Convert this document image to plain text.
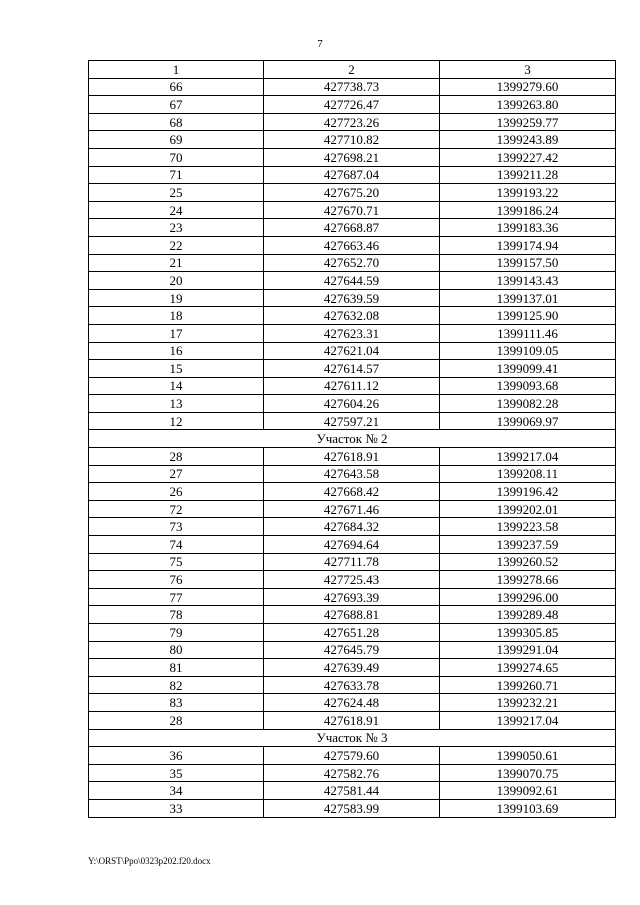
7
1	2	3
66	427738.73	1399279.60
67	427726.47	1399263.80
68	427723.26	1399259.77
69	427710.82	1399243.89
70	427698.21	1399227.42
71	427687.04	1399211.28
25	427675.20	1399193.22
24	427670.71	1399186.24
23	427668.87	1399183.36
22	427663.46	1399174.94
21	427652.70	1399157.50
20	427644.59	1399143.43
19	427639.59	1399137.01
18	427632.08	1399125.90
17	427623.31	1399111.46
16	427621.04	1399109.05
15	427614.57	1399099.41
14	427611.12	1399093.68
13	427604.26	1399082.28
12	427597.21	1399069.97
Участок № 2		
28	427618.91	1399217.04
27	427643.58	1399208.11
26	427668.42	1399196.42
72	427671.46	1399202.01
73	427684.32	1399223.58
74	427694.64	1399237.59
75	427711.78	1399260.52
76	427725.43	1399278.66
77	427693.39	1399296.00
78	427688.81	1399289.48
79	427651.28	1399305.85
80	427645.79	1399291.04
81	427639.49	1399274.65
82	427633.78	1399260.71
83	427624.48	1399232.21
28	427618.91	1399217.04
Участок № 3		
36	427579.60	1399050.61
35	427582.76	1399070.75
34	427581.44	1399092.61
33	427583.99	1399103.69
Y:\ORST\Ppo\0323p202.f20.docx
